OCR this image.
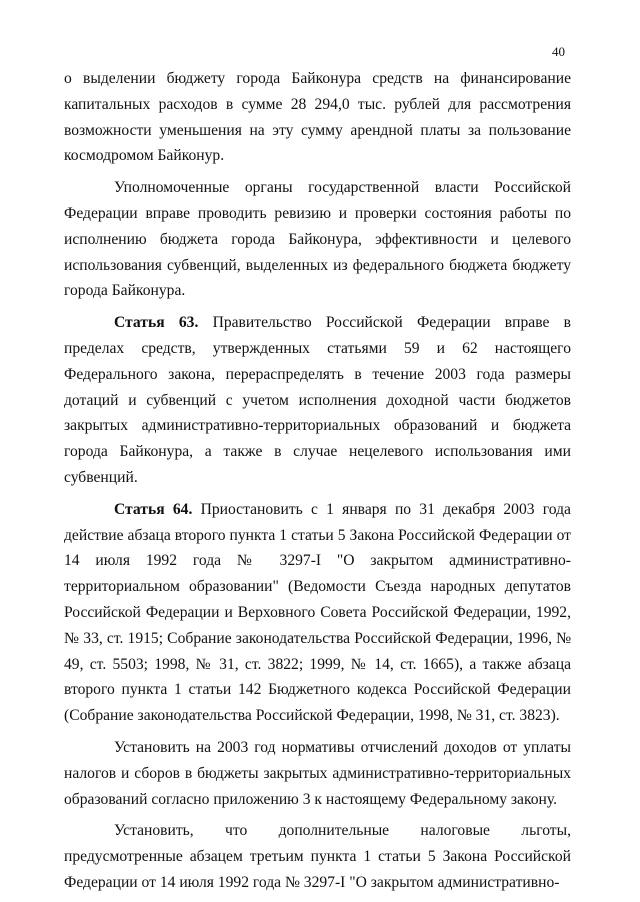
40

о выделении бюджету города Байконура средств на финансирование капитальных расходов в сумме 28 294,0 тыс. рублей для рассмотрения возможности уменьшения на эту сумму арендной платы за пользование космодромом Байконур.

Уполномоченные органы государственной власти Российской Федерации вправе проводить ревизию и проверки состояния работы по исполнению бюджета города Байконура, эффективности и целевого использования субвенций, выделенных из федерального бюджета бюджету города Байконура.

Статья 63. Правительство Российской Федерации вправе в пределах средств, утвержденных статьями 59 и 62 настоящего Федерального закона, перераспределять в течение 2003 года размеры дотаций и субвенций с учетом исполнения доходной части бюджетов закрытых административно-территориальных образований и бюджета города Байконура, а также в случае нецелевого использования ими субвенций.

Статья 64. Приостановить с 1 января по 31 декабря 2003 года действие абзаца второго пункта 1 статьи 5 Закона Российской Федерации от 14 июля 1992 года № 3297-I "О закрытом административно-территориальном образовании" (Ведомости Съезда народных депутатов Российской Федерации и Верховного Совета Российской Федерации, 1992, № 33, ст. 1915; Собрание законодательства Российской Федерации, 1996, № 49, ст. 5503; 1998, № 31, ст. 3822; 1999, № 14, ст. 1665), а также абзаца второго пункта 1 статьи 142 Бюджетного кодекса Российской Федерации (Собрание законодательства Российской Федерации, 1998, № 31, ст. 3823).

Установить на 2003 год нормативы отчислений доходов от уплаты налогов и сборов в бюджеты закрытых административно-территориальных образований согласно приложению 3 к настоящему Федеральному закону.

Установить, что дополнительные налоговые льготы, предусмотренные абзацем третьим пункта 1 статьи 5 Закона Российской Федерации от 14 июля 1992 года № 3297-I "О закрытом административно-
